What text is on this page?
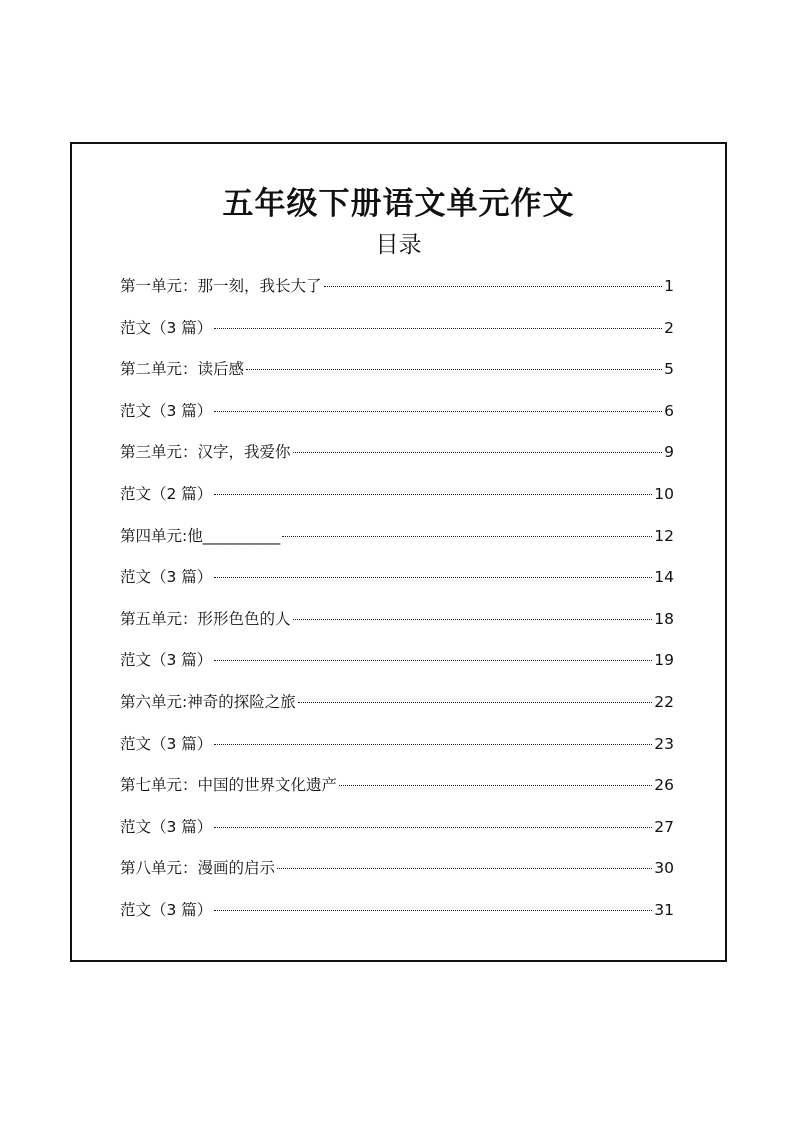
五年级下册语文单元作文
目录
第一单元：那一刻，我长大了	1
范文（3 篇）	2
第二单元：读后感	5
范文（3 篇）	6
第三单元：汉字，我爱你	9
范文（2 篇）	10
第四单元:他__________	12
范文（3 篇）	14
第五单元：形形色色的人	18
范文（3 篇）	19
第六单元:神奇的探险之旅	22
范文（3 篇）	23
第七单元：中国的世界文化遗产	26
范文（3 篇）	27
第八单元：漫画的启示	30
范文（3 篇）	31
